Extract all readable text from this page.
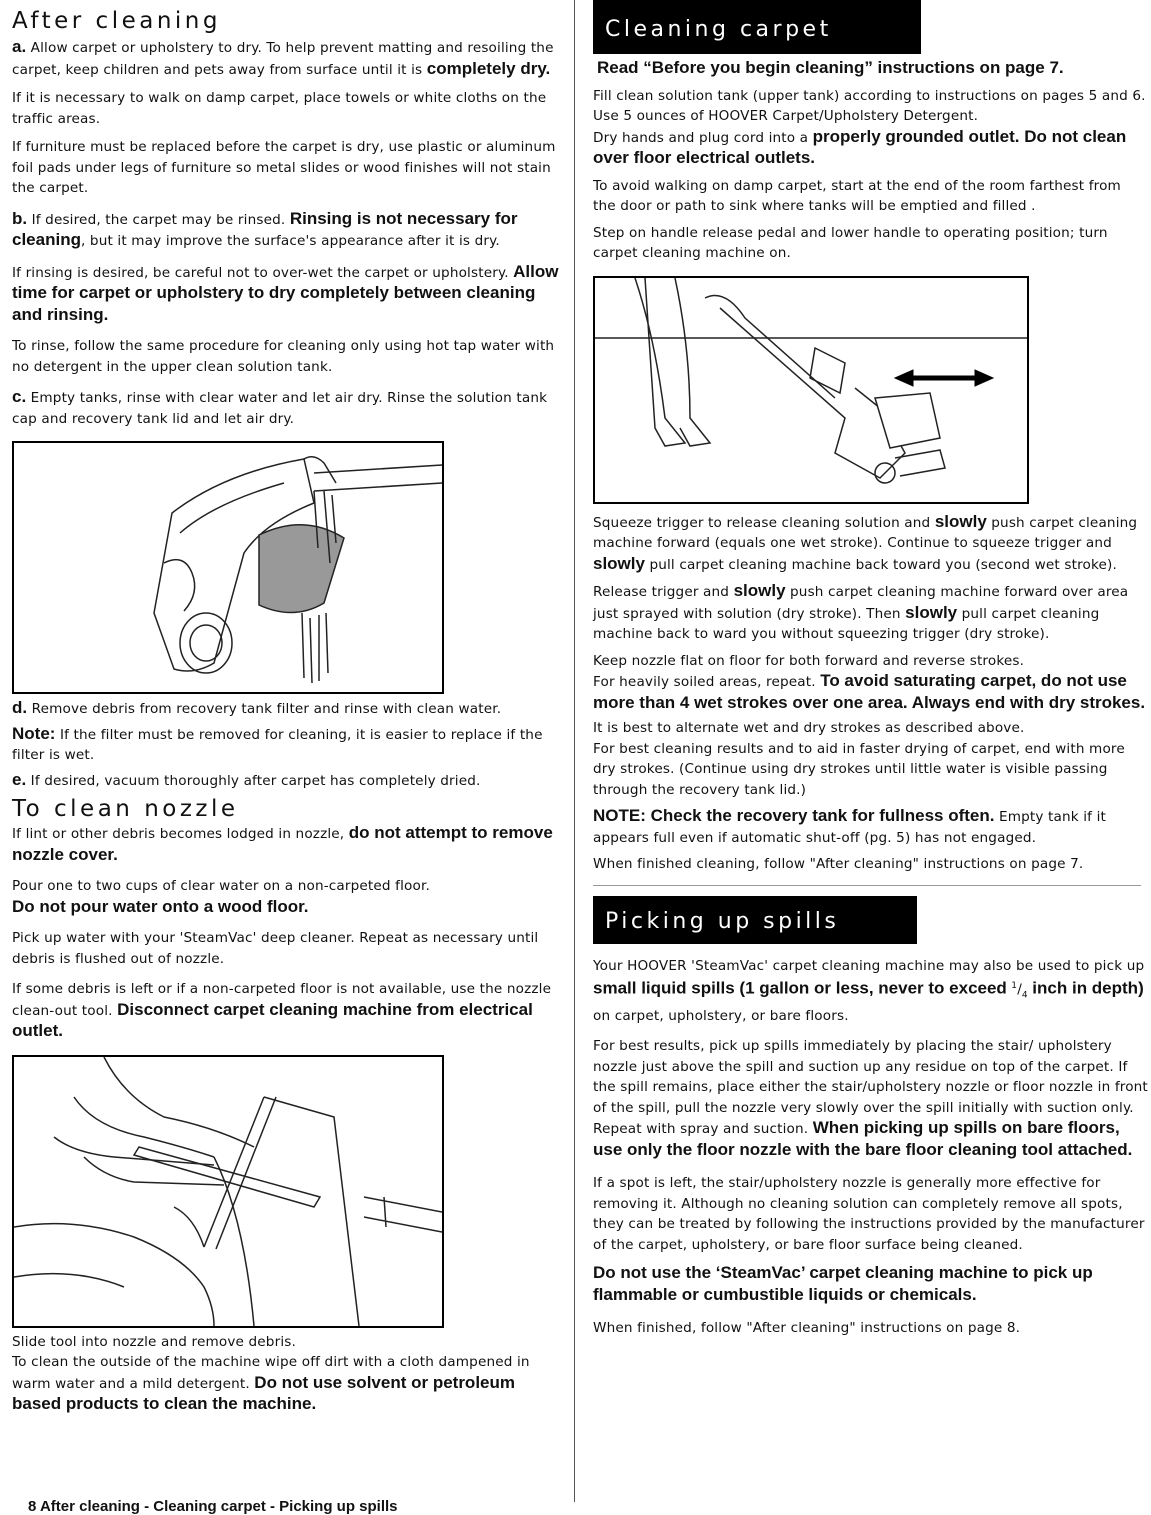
After cleaning

a. Allow carpet or upholstery to dry. To help prevent matting and resoiling the carpet, keep children and pets away from surface until it is completely dry.

If it is necessary to walk on damp carpet, place towels or white cloths on the traffic areas.

If furniture must be replaced before the carpet is dry, use plastic or aluminum foil pads under legs of furniture so metal slides or wood finishes will not stain the carpet.

b. If desired, the carpet may be rinsed. Rinsing is not necessary for cleaning, but it may improve the surface's appearance after it is dry.

If rinsing is desired, be careful not to over-wet the carpet or upholstery. Allow time for carpet or upholstery to dry completely between cleaning and rinsing.

To rinse, follow the same procedure for cleaning only using hot tap water with no detergent in the upper clean solution tank.

c. Empty tanks, rinse with clear water and let air dry. Rinse the solution tank cap and recovery tank lid and let air dry.

d. Remove debris from recovery tank filter and rinse with clean water.

Note: If the filter must be removed for cleaning, it is easier to replace if the filter is wet.

e. If desired, vacuum thoroughly after carpet has completely dried.

To clean nozzle

If lint or other debris becomes lodged in nozzle, do not attempt to remove nozzle cover.

Pour one to two cups of clear water on a non-carpeted floor.
Do not pour water onto a wood floor.

Pick up water with your 'SteamVac' deep cleaner. Repeat as necessary until debris is flushed out of nozzle.

If some debris is left or if a non-carpeted floor is not available, use the nozzle clean-out tool. Disconnect carpet cleaning machine from electrical outlet.

Slide tool into nozzle and remove debris.

To clean the outside of the machine wipe off dirt with a cloth dampened in warm water and a mild detergent. Do not use solvent or petroleum based products to clean the machine.

8 After cleaning - Cleaning carpet - Picking up spills
Cleaning carpet

Read “Before you begin cleaning” instructions on page 7.

Fill clean solution tank (upper tank) according to instructions on pages 5 and 6. Use 5 ounces of HOOVER Carpet/Upholstery Detergent.

Dry hands and plug cord into a properly grounded outlet. Do not clean over floor electrical outlets.

To avoid walking on damp carpet, start at the end of the room farthest from the door or path to sink where tanks will be emptied and filled .

Step on handle release pedal and lower handle to operating position; turn carpet cleaning machine on.

Squeeze trigger to release cleaning solution and slowly push carpet cleaning machine forward (equals one wet stroke). Continue to squeeze trigger and slowly pull carpet cleaning machine back toward you (second wet stroke).

Release trigger and slowly push carpet cleaning machine forward over area just sprayed with solution (dry stroke). Then slowly pull carpet cleaning machine back to ward you without squeezing trigger (dry stroke).

Keep nozzle flat on floor for both forward and reverse strokes.

For heavily soiled areas, repeat. To avoid saturating carpet, do not use more than 4 wet strokes over one area. Always end with dry strokes.

It is best to alternate wet and dry strokes as described above.

For best cleaning results and to aid in faster drying of carpet, end with more dry strokes. (Continue using dry strokes until little water is visible passing through the recovery tank lid.)

NOTE: Check the recovery tank for fullness often. Empty tank if it appears full even if automatic shut-off (pg. 5) has not engaged.

When finished cleaning, follow "After cleaning" instructions on page 7.

Picking up spills

Your HOOVER 'SteamVac' carpet cleaning machine may also be used to pick up small liquid spills (1 gallon or less, never to exceed $^1/_4$ inch in depth) on carpet, upholstery, or bare floors.

For best results, pick up spills immediately by placing the stair/ upholstery nozzle just above the spill and suction up any residue on top of the carpet. If the spill remains, place either the stair/upholstery nozzle or floor nozzle in front of the spill, pull the nozzle very slowly over the spill initially with suction only. Repeat with spray and suction. When picking up spills on bare floors, use only the floor nozzle with the bare floor cleaning tool attached.

If a spot is left, the stair/upholstery nozzle is generally more effective for removing it. Although no cleaning solution can completely remove all spots, they can be treated by following the instructions provided by the manufacturer of the carpet, upholstery, or bare floor surface being cleaned.

Do not use the ‘SteamVac’ carpet cleaning machine to pick up flammable or cumbustible liquids or chemicals.

When finished, follow "After cleaning" instructions on page 8.
